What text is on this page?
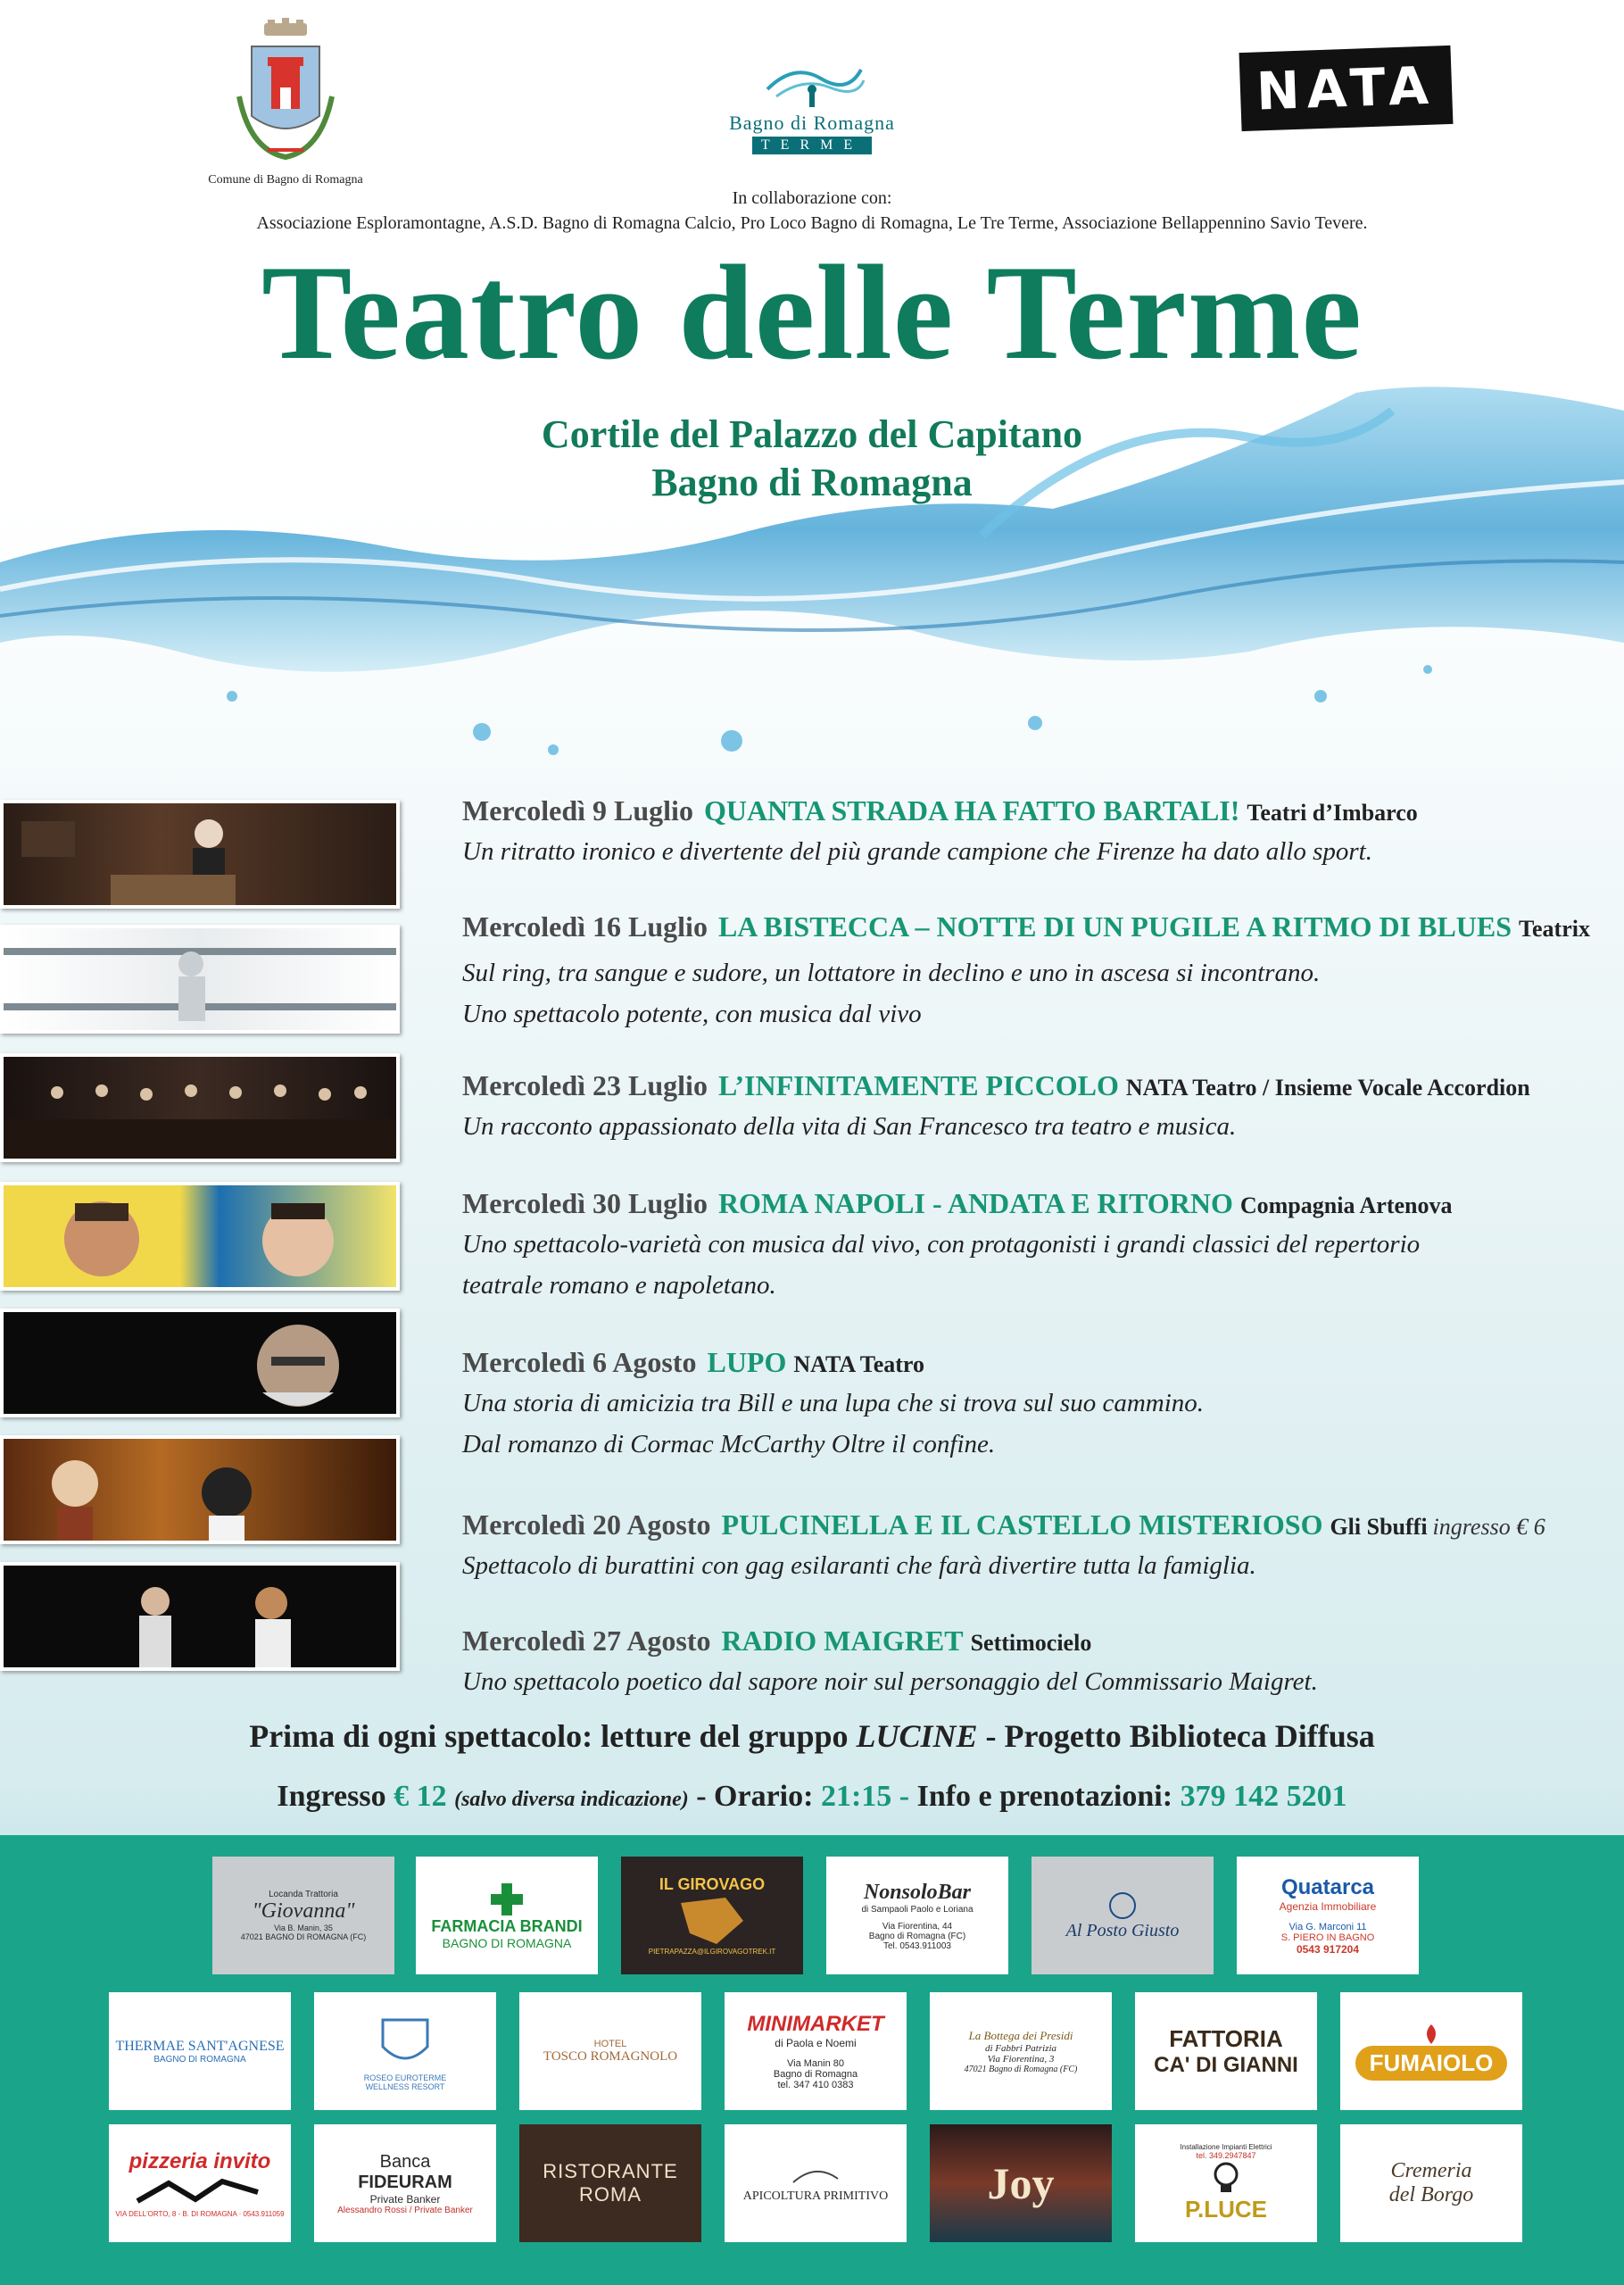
Comune di Bagno di Romagna
Bagno di Romagna
TERME
NATA
In collaborazione con:
Associazione Esploramontagne, A.S.D. Bagno di Romagna Calcio, Pro Loco Bagno di Romagna, Le Tre Terme, Associazione Bellappennino Savio Tevere.
Teatro delle Terme
Cortile del Palazzo del Capitano
Bagno di Romagna
Mercoledì 9 Luglio QUANTA STRADA HA FATTO BARTALI! Teatri d’Imbarco
Un ritratto ironico e divertente del più grande campione che Firenze ha dato allo sport.
Mercoledì 16 Luglio LA BISTECCA – NOTTE DI UN PUGILE A RITMO DI BLUES Teatrix
Sul ring, tra sangue e sudore, un lottatore in declino e uno in ascesa si incontrano.
Uno spettacolo potente, con musica dal vivo
Mercoledì 23 Luglio L’INFINITAMENTE PICCOLO NATA Teatro / Insieme Vocale Accordion
Un racconto appassionato della vita di San Francesco tra teatro e musica.
Mercoledì 30 Luglio ROMA NAPOLI - ANDATA E RITORNO Compagnia Artenova
Uno spettacolo-varietà con musica dal vivo, con protagonisti i grandi classici del repertorio
teatrale romano e napoletano.
Mercoledì 6 Agosto LUPO NATA Teatro
Una storia di amicizia tra Bill e una lupa che si trova sul suo cammino.
Dal romanzo di Cormac McCarthy Oltre il confine.
Mercoledì 20 Agosto PULCINELLA E IL CASTELLO MISTERIOSO Gli Sbuffi ingresso € 6
Spettacolo di burattini con gag esilaranti che farà divertire tutta la famiglia.
Mercoledì 27 Agosto RADIO MAIGRET Settimocielo
Uno spettacolo poetico dal sapore noir sul personaggio del Commissario Maigret.
Prima di ogni spettacolo: letture del gruppo LUCINE - Progetto Biblioteca Diffusa
Ingresso € 12 (salvo diversa indicazione) - Orario: 21:15 - Info e prenotazioni: 379 142 5201
Locanda Trattoria
"Giovanna"
Via B. Manin, 35
47021 BAGNO DI ROMAGNA (FC)
FARMACIA BRANDI
BAGNO DI ROMAGNA
IL GIROVAGO
PIETRAPAZZA@ILGIROVAGOTREK.IT
NonsoloBar
di Sampaoli Paolo e Loriana
Via Fiorentina, 44
Bagno di Romagna (FC)
Tel. 0543.911003
Al Posto Giusto
Quatarca
Agenzia Immobiliare
Via G. Marconi 11
S. PIERO IN BAGNO
0543 917204
THERMAE SANT'AGNESE
BAGNO DI ROMAGNA
ROSEO EUROTERME
WELLNESS RESORT
HOTEL
TOSCO ROMAGNOLO
MINIMARKET
di Paola e Noemi
Via Manin 80
Bagno di Romagna
tel. 347 410 0383
La Bottega dei Presidi
di Fabbri Patrizia
Via Fiorentina, 3
47021 Bagno di Romagna (FC)
FATTORIA
CA' DI GIANNI	FUMAIOLO
pizzeria invito
VIA DELL'ORTO, 8 - B. DI ROMAGNA · 0543.911059
Banca
FIDEURAM
Private Banker
Alessandro Rossi / Private Banker
RISTORANTE
ROMA	APICOLTURA PRIMITIVO Joy
Installazione Impianti Elettrici
tel. 349.2947847
P.LUCE
Cremeria
del Borgo
